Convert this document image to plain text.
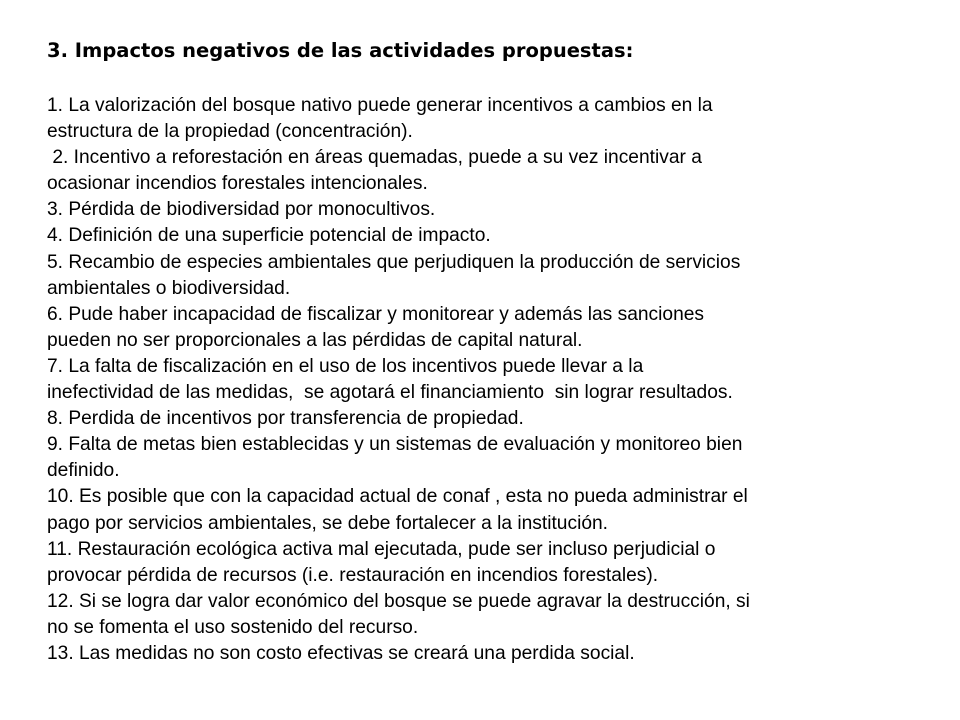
3. Impactos negativos de las actividades propuestas:
1. La valorización del bosque nativo puede generar incentivos a cambios en la
estructura de la propiedad (concentración).
2. Incentivo a reforestación en áreas quemadas, puede a su vez incentivar a
ocasionar incendios forestales intencionales.
3. Pérdida de biodiversidad por monocultivos.
4. Definición de una superficie potencial de impacto.
5. Recambio de especies ambientales que perjudiquen la producción de servicios
ambientales o biodiversidad.
6. Pude haber incapacidad de fiscalizar y monitorear y además las sanciones
pueden no ser proporcionales a las pérdidas de capital natural.
7. La falta de fiscalización en el uso de los incentivos puede llevar a la
inefectividad de las medidas,  se agotará el financiamiento  sin lograr resultados.
8. Perdida de incentivos por transferencia de propiedad.
9. Falta de metas bien establecidas y un sistemas de evaluación y monitoreo bien
definido.
10. Es posible que con la capacidad actual de conaf , esta no pueda administrar el
pago por servicios ambientales, se debe fortalecer a la institución.
11. Restauración ecológica activa mal ejecutada, pude ser incluso perjudicial o
provocar pérdida de recursos (i.e. restauración en incendios forestales).
12. Si se logra dar valor económico del bosque se puede agravar la destrucción, si
no se fomenta el uso sostenido del recurso.
13. Las medidas no son costo efectivas se creará una perdida social.
